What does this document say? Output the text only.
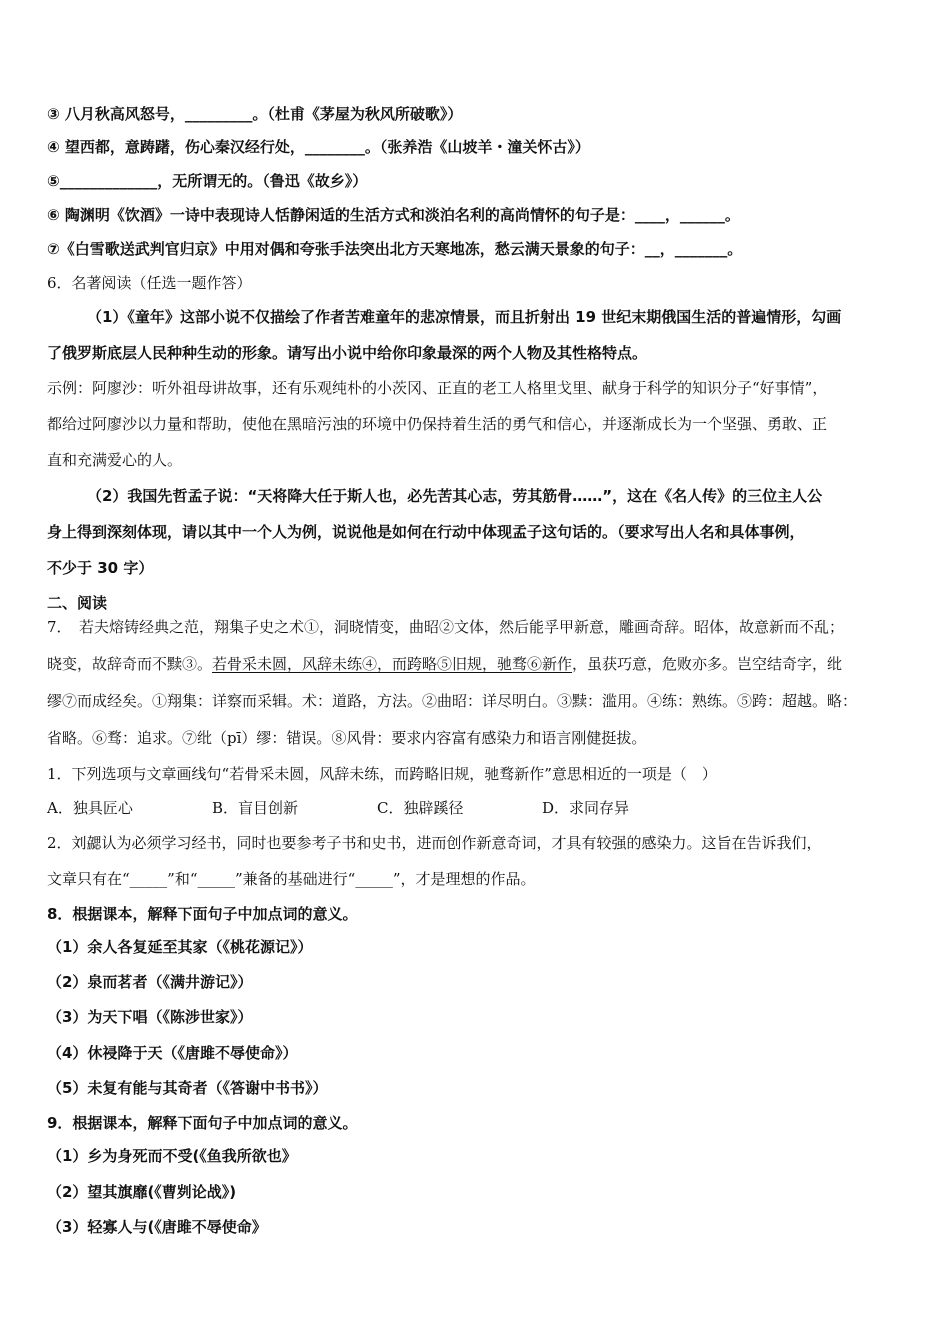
③ 八月秋高风怒号，_________。（杜甫《茅屋为秋风所破歌》）
④ 望西都，意踌躇，伤心秦汉经行处，________。（张养浩《山坡羊・潼关怀古》）
⑤_____________，无所谓无的。（鲁迅《故乡》）
⑥ 陶渊明《饮酒》一诗中表现诗人恬静闲适的生活方式和淡泊名利的高尚情怀的句子是：____，______。
⑦《白雪歌送武判官归京》中用对偶和夸张手法突出北方天寒地冻，愁云满天景象的句子：__，_______。
6．名著阅读（任选一题作答）
（1）《童年》这部小说不仅描绘了作者苦难童年的悲凉情景，而且折射出 19 世纪末期俄国生活的普遍情形，勾画
了俄罗斯底层人民种种生动的形象。请写出小说中给你印象最深的两个人物及其性格特点。
示例：阿廖沙：听外祖母讲故事，还有乐观纯朴的小茨冈、正直的老工人格里戈里、献身于科学的知识分子“好事情”，
都给过阿廖沙以力量和帮助，使他在黑暗污浊的环境中仍保持着生活的勇气和信心，并逐渐成长为一个坚强、勇敢、正
直和充满爱心的人。
（2）我国先哲孟子说：“天将降大任于斯人也，必先苦其心志，劳其筋骨……”，这在《名人传》的三位主人公
身上得到深刻体现，请以其中一个人为例，说说他是如何在行动中体现孟子这句话的。（要求写出人名和具体事例，
不少于 30 字）
二、阅读
7．　若夫熔铸经典之范，翔集子史之术①，洞晓情变，曲昭②文体，然后能孚甲新意，雕画奇辞。昭体，故意新而不乱；
晓变，故辞奇而不黩③。若骨采未圆，风辞未练④，而跨略⑤旧规，驰骛⑥新作，虽获巧意，危败亦多。岂空结奇字，纰
缪⑦而成经矣。①翔集：详察而采辑。术：道路，方法。②曲昭：详尽明白。③黩：滥用。④练：熟练。⑤跨：超越。略：
省略。⑥骛：追求。⑦纰（pī）缪：错误。⑧风骨：要求内容富有感染力和语言刚健挺拔。
1．下列选项与文章画线句“若骨采未圆，风辞未练，而跨略旧规，驰骛新作”意思相近的一项是（　）
A．独具匠心	B．盲目创新	C．独辟蹊径	D．求同存异
2．刘勰认为必须学习经书，同时也要参考子书和史书，进而创作新意奇词，才具有较强的感染力。这旨在告诉我们，
文章只有在“_____”和“_____”兼备的基础进行“_____”，才是理想的作品。
8．根据课本，解释下面句子中加点词的意义。
（1）余人各复延至其家（《桃花源记》）
（2）泉而茗者（《满井游记》）
（3）为天下唱（《陈涉世家》）
（4）休祲降于天（《唐雎不辱使命》）
（5）未复有能与其奇者（《答谢中书书》）
9．根据课本，解释下面句子中加点词的意义。
（1）乡为身死而不受(《鱼我所欲也》
（2）望其旗靡(《曹刿论战》)
（3）轻寡人与(《唐雎不辱使命》
